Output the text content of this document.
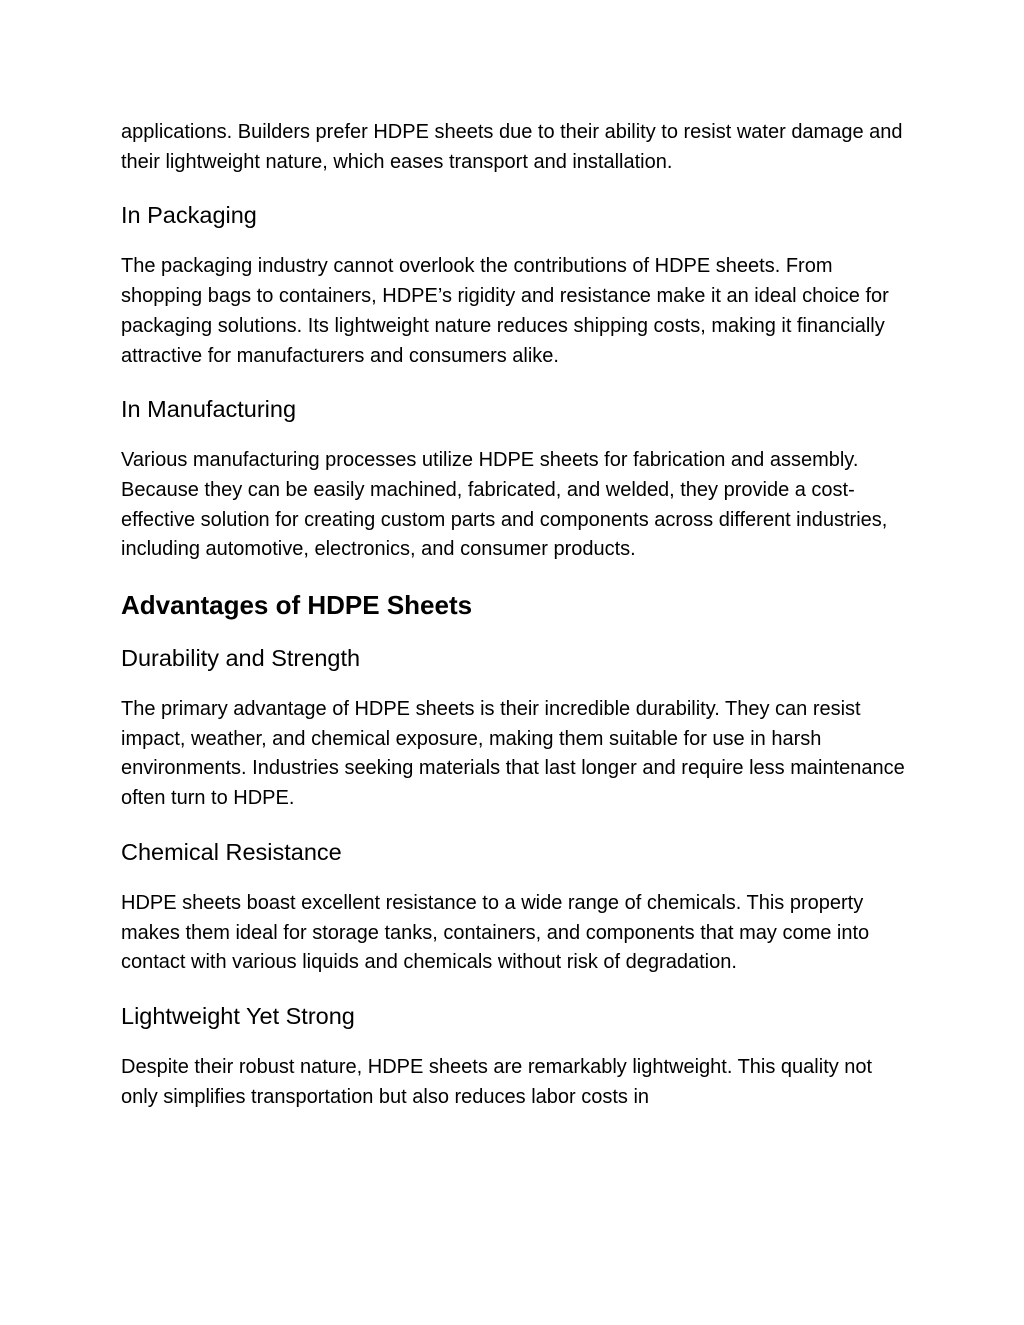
applications. Builders prefer HDPE sheets due to their ability to resist water damage and their lightweight nature, which eases transport and installation.

In Packaging

The packaging industry cannot overlook the contributions of HDPE sheets. From shopping bags to containers, HDPE’s rigidity and resistance make it an ideal choice for packaging solutions. Its lightweight nature reduces shipping costs, making it financially attractive for manufacturers and consumers alike.

In Manufacturing

Various manufacturing processes utilize HDPE sheets for fabrication and assembly. Because they can be easily machined, fabricated, and welded, they provide a cost-effective solution for creating custom parts and components across different industries, including automotive, electronics, and consumer products.

Advantages of HDPE Sheets
Durability and Strength

The primary advantage of HDPE sheets is their incredible durability. They can resist impact, weather, and chemical exposure, making them suitable for use in harsh environments. Industries seeking materials that last longer and require less maintenance often turn to HDPE.

Chemical Resistance

HDPE sheets boast excellent resistance to a wide range of chemicals. This property makes them ideal for storage tanks, containers, and components that may come into contact with various liquids and chemicals without risk of degradation.

Lightweight Yet Strong

Despite their robust nature, HDPE sheets are remarkably lightweight. This quality not only simplifies transportation but also reduces labor costs in
